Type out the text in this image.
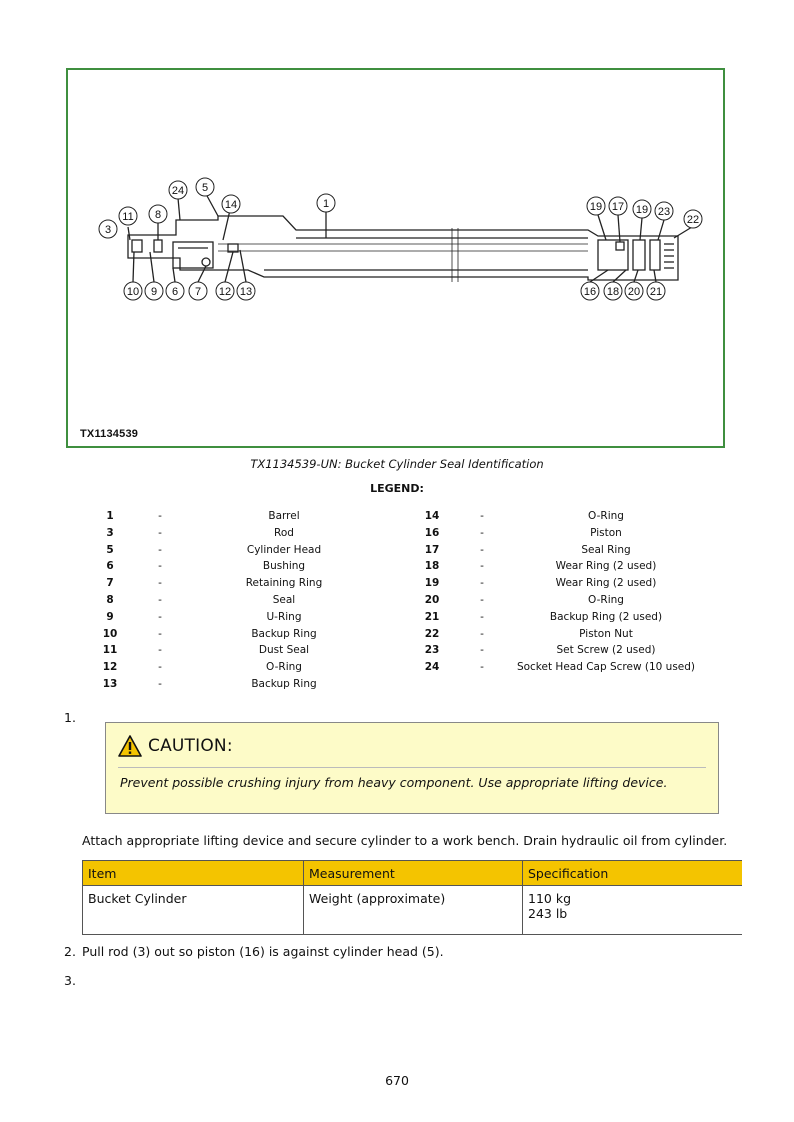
24 5
11 8
3
14	1	19 17 19 23
22
10 9 6 7 12 13	16 18 20 21
TX1134539
TX1134539-UN: Bucket Cylinder Seal Identification
LEGEND:
1	-	Barrel
3	-	Rod
5	-	Cylinder Head
6	-	Bushing
7	-	Retaining Ring
8	-	Seal
9	-	U-Ring
10	-	Backup Ring
11	-	Dust Seal
12	-	O-Ring
13	-	Backup Ring
14	-	O-Ring
16	-	Piston
17	-	Seal Ring
18	-	Wear Ring (2 used)
19	-	Wear Ring (2 used)
20	-	O-Ring
21	-	Backup Ring (2 used)
22	-	Piston Nut
23	-	Set Screw (2 used)
24	-	Socket Head Cap Screw (10 used)
1.
CAUTION:
Prevent possible crushing injury from heavy component. Use appropriate lifting device.
Attach appropriate lifting device and secure cylinder to a work bench. Drain hydraulic oil from cylinder.
Item	Measurement	Specification
Bucket Cylinder	Weight (approximate)	110 kg
243 lb
2. Pull rod (3) out so piston (16) is against cylinder head (5).
3.
670
